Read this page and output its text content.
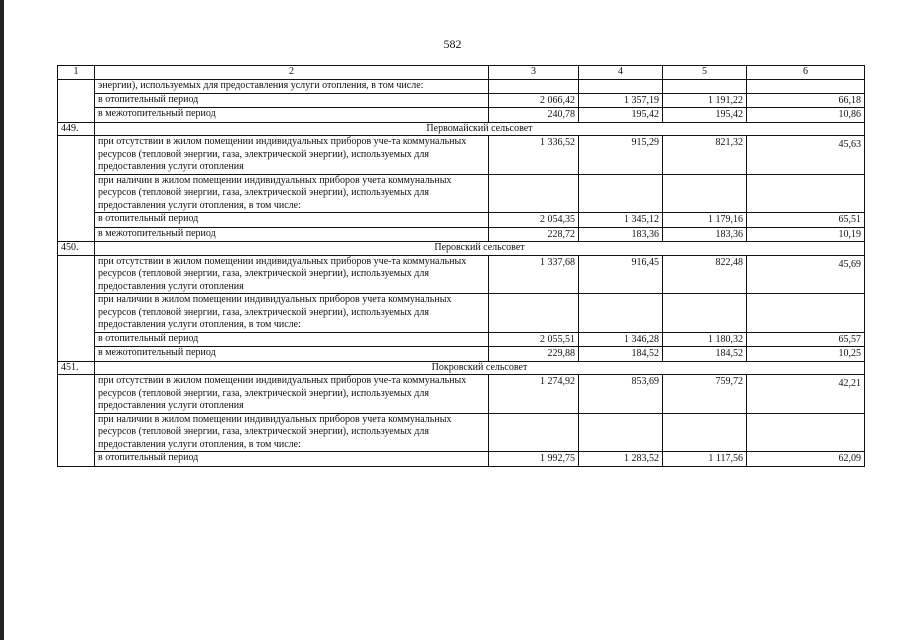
582
1	2	3	4	5	6
	энергии), используемых для предоставления услуги отопления, в том числе:				
	в отопительный период	2 066,42	1 357,19	1 191,22	66,18
	в межотопительный период	240,78	195,42	195,42	10,86
449.	Первомайский сельсовет				
	при отсутствии в жилом помещении индивидуальных приборов уче-та коммунальных ресурсов (тепловой энергии, газа, электрической энергии), используемых для предоставления услуги отопления	1 336,52	915,29	821,32	45,63
	при наличии в жилом помещении индивидуальных приборов учета коммунальных ресурсов (тепловой энергии, газа, электрической энергии), используемых для предоставления услуги отопления, в том числе:				
	в отопительный период	2 054,35	1 345,12	1 179,16	65,51
	в межотопительный период	228,72	183,36	183,36	10,19
450.	Перовский сельсовет				
	при отсутствии в жилом помещении индивидуальных приборов уче-та коммунальных ресурсов (тепловой энергии, газа, электрической энергии), используемых для предоставления услуги отопления	1 337,68	916,45	822,48	45,69
	при наличии в жилом помещении индивидуальных приборов учета коммунальных ресурсов (тепловой энергии, газа, электрической энергии), используемых для предоставления услуги отопления, в том числе:				
	в отопительный период	2 055,51	1 346,28	1 180,32	65,57
	в межотопительный период	229,88	184,52	184,52	10,25
451.	Покровский сельсовет				
	при отсутствии в жилом помещении индивидуальных приборов уче-та коммунальных ресурсов (тепловой энергии, газа, электрической энергии), используемых для предоставления услуги отопления	1 274,92	853,69	759,72	42,21
	при наличии в жилом помещении индивидуальных приборов учета коммунальных ресурсов (тепловой энергии, газа, электрической энергии), используемых для предоставления услуги отопления, в том числе:				
	в отопительный период	1 992,75	1 283,52	1 117,56	62,09
